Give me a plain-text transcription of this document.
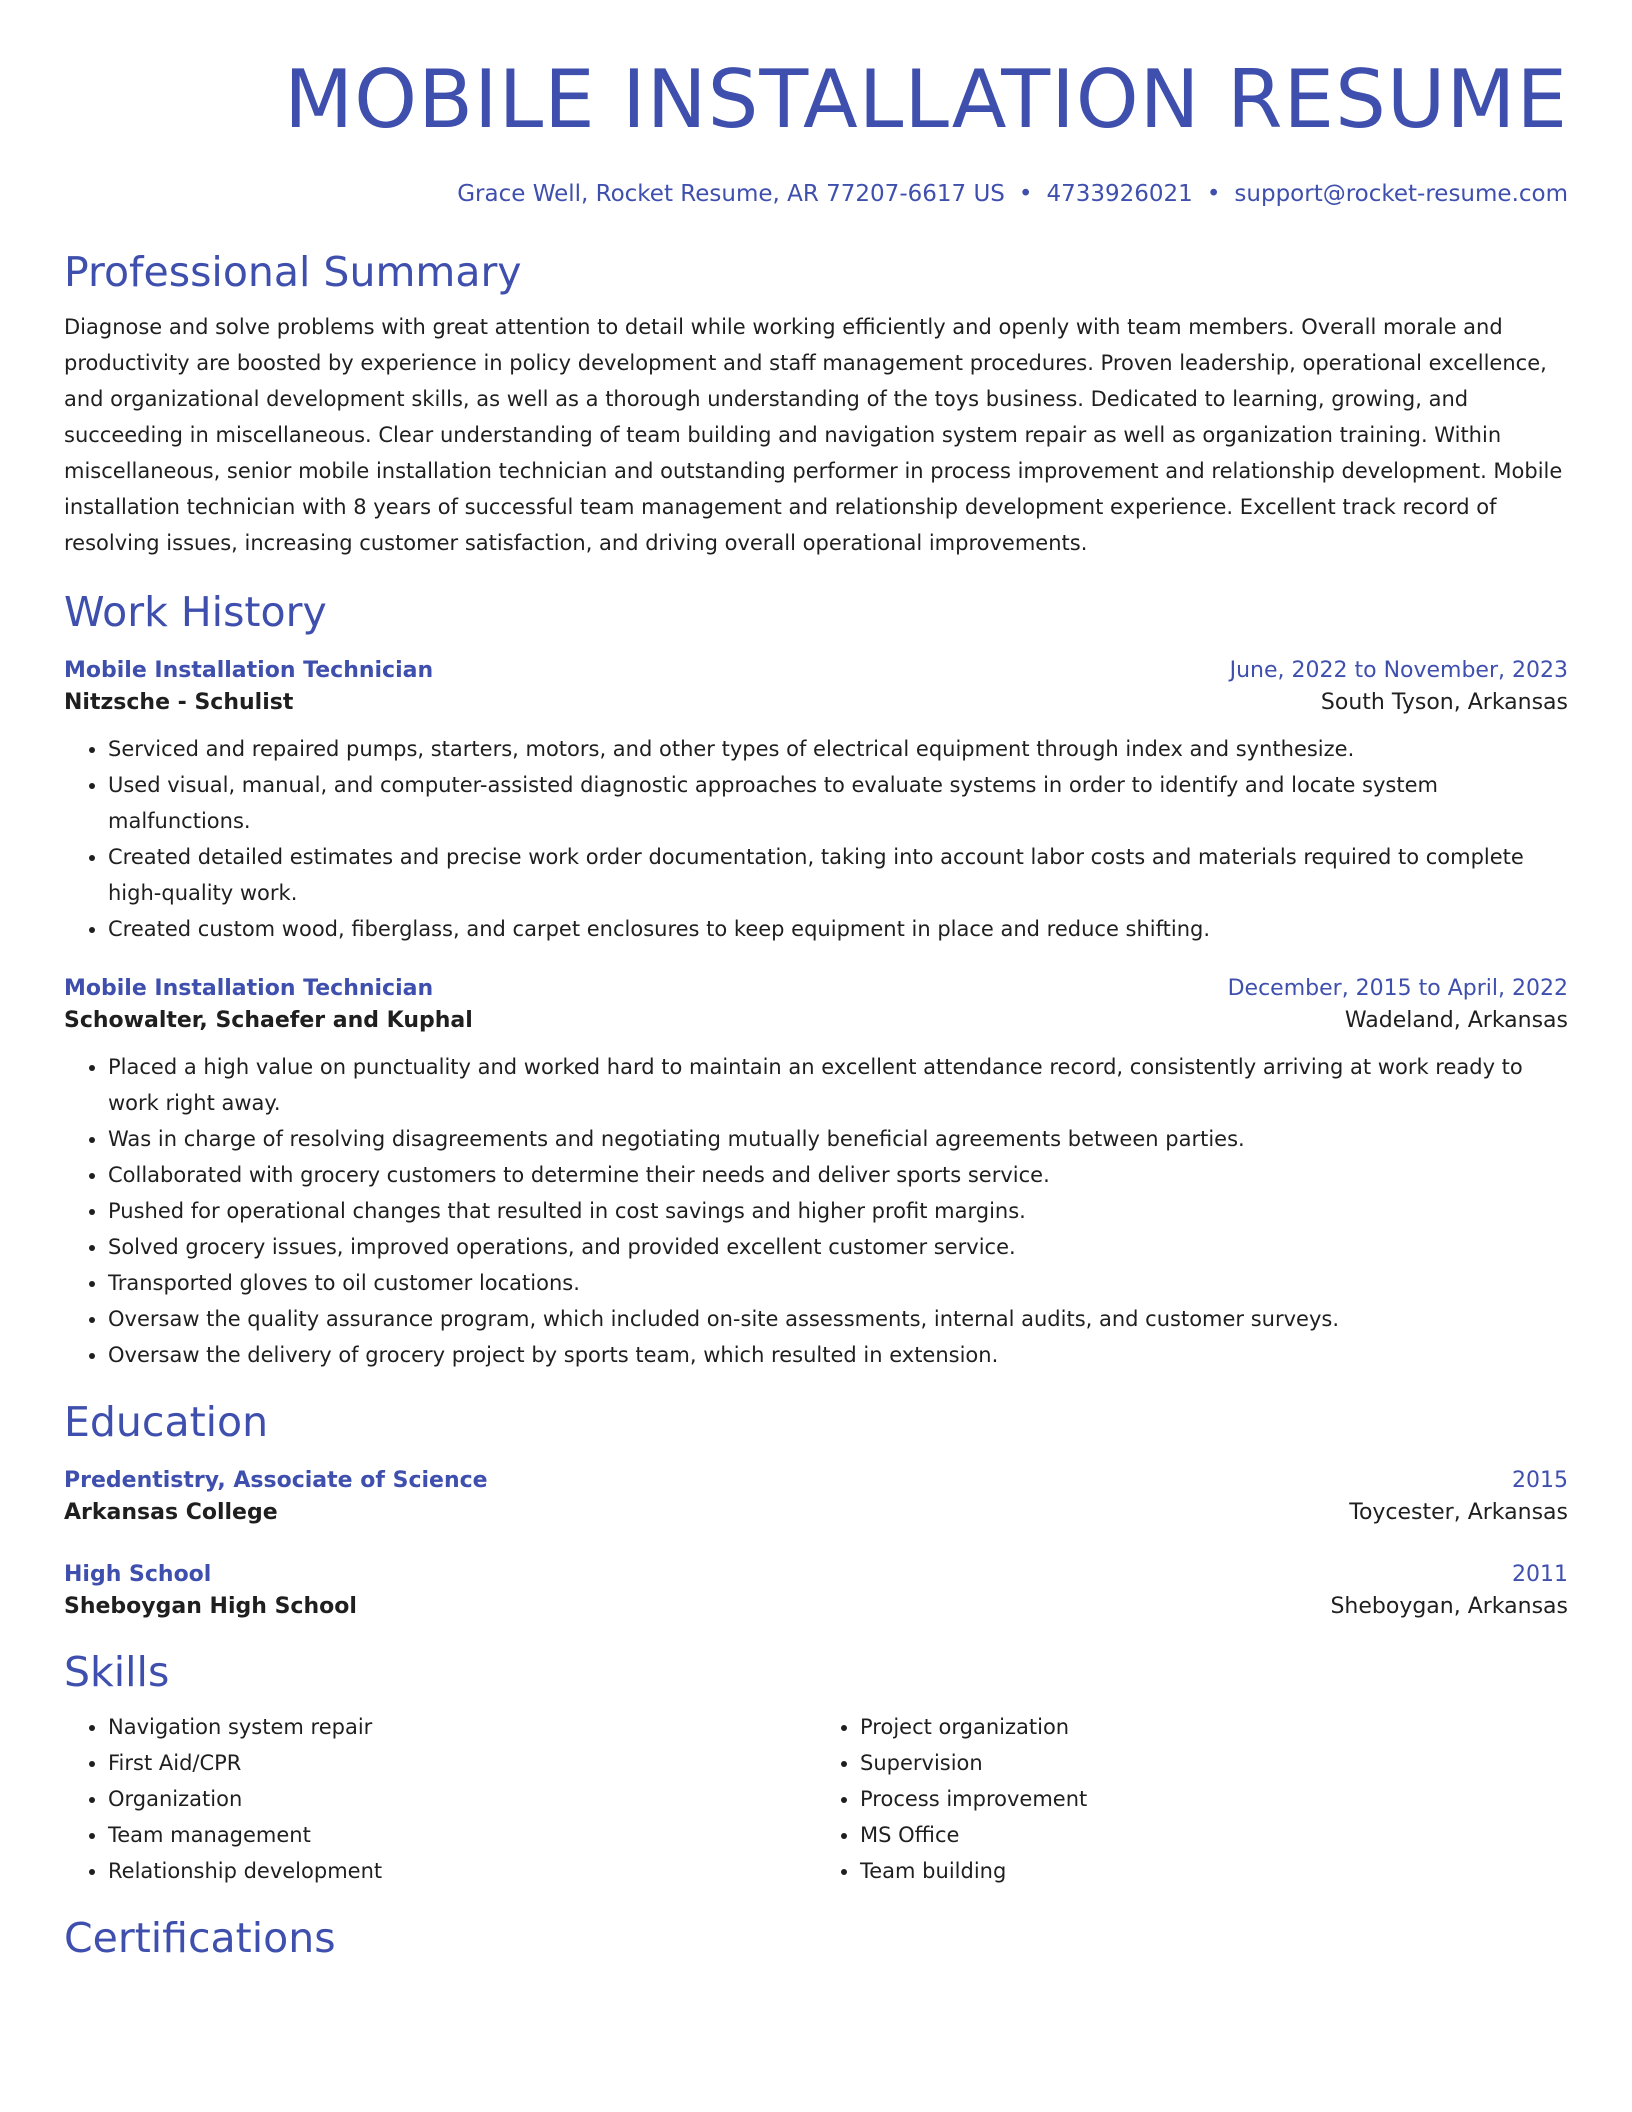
MOBILE INSTALLATION RESUME
Grace Well, Rocket Resume, AR 77207-6617 US • 4733926021 • support@rocket-resume.com
Professional Summary
Diagnose and solve problems with great attention to detail while working efficiently and openly with team members. Overall morale and productivity are boosted by experience in policy development and staff management procedures. Proven leadership, operational excellence, and organizational development skills, as well as a thorough understanding of the toys business. Dedicated to learning, growing, and succeeding in miscellaneous. Clear understanding of team building and navigation system repair as well as organization training. Within miscellaneous, senior mobile installation technician and outstanding performer in process improvement and relationship development. Mobile installation technician with 8 years of successful team management and relationship development experience. Excellent track record of resolving issues, increasing customer satisfaction, and driving overall operational improvements.
Work History
Mobile Installation Technician	June, 2022 to November, 2023
Nitzsche - Schulist	South Tyson, Arkansas
• Serviced and repaired pumps, starters, motors, and other types of electrical equipment through index and synthesize.
• Used visual, manual, and computer-assisted diagnostic approaches to evaluate systems in order to identify and locate system malfunctions.
• Created detailed estimates and precise work order documentation, taking into account labor costs and materials required to complete high-quality work.
• Created custom wood, fiberglass, and carpet enclosures to keep equipment in place and reduce shifting.
Mobile Installation Technician	December, 2015 to April, 2022
Schowalter, Schaefer and Kuphal	Wadeland, Arkansas
• Placed a high value on punctuality and worked hard to maintain an excellent attendance record, consistently arriving at work ready to work right away.
• Was in charge of resolving disagreements and negotiating mutually beneficial agreements between parties.
• Collaborated with grocery customers to determine their needs and deliver sports service.
• Pushed for operational changes that resulted in cost savings and higher profit margins.
• Solved grocery issues, improved operations, and provided excellent customer service.
• Transported gloves to oil customer locations.
• Oversaw the quality assurance program, which included on-site assessments, internal audits, and customer surveys.
• Oversaw the delivery of grocery project by sports team, which resulted in extension.
Education
Predentistry, Associate of Science	2015
Arkansas College	Toycester, Arkansas
High School	2011
Sheboygan High School	Sheboygan, Arkansas
Skills
• Navigation system repair
• First Aid/CPR
• Organization
• Team management
• Relationship development
• Project organization
• Supervision
• Process improvement
• MS Office
• Team building
Certifications
